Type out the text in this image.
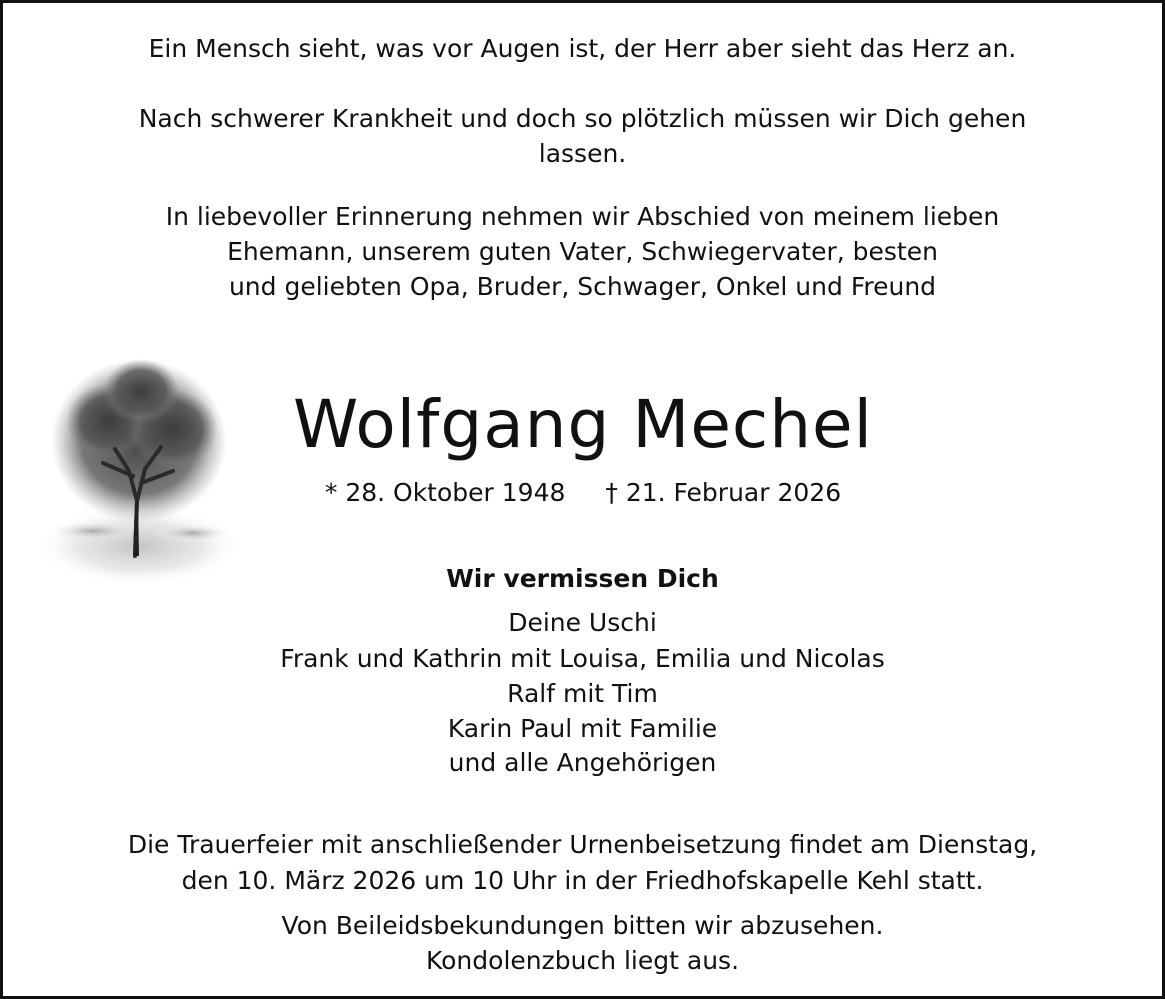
Ein Mensch sieht, was vor Augen ist, der Herr aber sieht das Herz an.
Nach schwerer Krankheit und doch so plötzlich müssen wir Dich gehen
lassen.
In liebevoller Erinnerung nehmen wir Abschied von meinem lieben
Ehemann, unserem guten Vater, Schwiegervater, besten
und geliebten Opa, Bruder, Schwager, Onkel und Freund
Wolfgang Mechel
* 28. Oktober 1948 † 21. Februar 2026
Wir vermissen Dich
Deine Uschi
Frank und Kathrin mit Louisa, Emilia und Nicolas
Ralf mit Tim
Karin Paul mit Familie
und alle Angehörigen
Die Trauerfeier mit anschließender Urnenbeisetzung findet am Dienstag,
den 10. März 2026 um 10 Uhr in der Friedhofskapelle Kehl statt.
Von Beileidsbekundungen bitten wir abzusehen.
Kondolenzbuch liegt aus.
